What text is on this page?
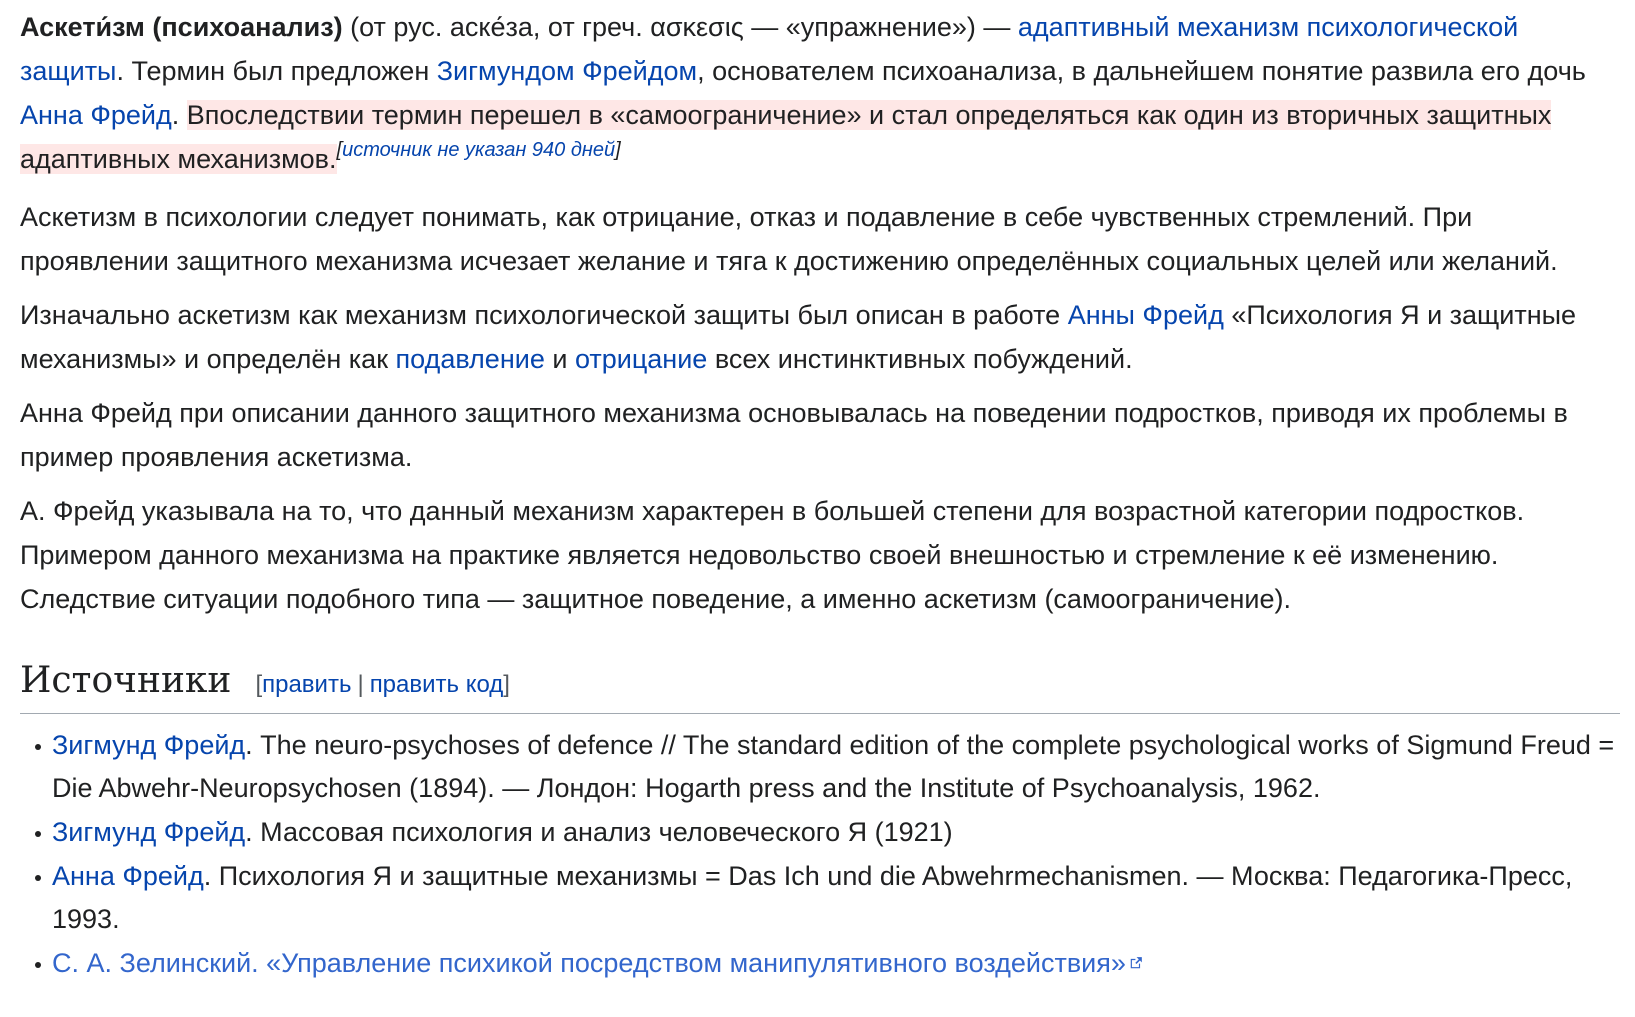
Аскети́зм (психоанализ) (от рус. аске́за, от греч. ασκεσις — «упражнение») — адаптивный механизм психологической защиты. Термин был предложен Зигмундом Фрейдом, основателем психоанализа, в дальнейшем понятие развила его дочь Анна Фрейд. Впоследствии термин перешел в «самоограничение» и стал определяться как один из вторичных защитных адаптивных механизмов.[источник не указан 940 дней]

Аскетизм в психологии следует понимать, как отрицание, отказ и подавление в себе чувственных стремлений. При проявлении защитного механизма исчезает желание и тяга к достижению определённых социальных целей или желаний.

Изначально аскетизм как механизм психологической защиты был описан в работе Анны Фрейд «Психология Я и защитные механизмы» и определён как подавление и отрицание всех инстинктивных побуждений.

Анна Фрейд при описании данного защитного механизма основывалась на поведении подростков, приводя их проблемы в пример проявления аскетизма.

А. Фрейд указывала на то, что данный механизм характерен в большей степени для возрастной категории подростков. Примером данного механизма на практике является недовольство своей внешностью и стремление к её изменению. Следствие ситуации подобного типа — защитное поведение, а именно аскетизм (самоограничение).

Источники [править | править код]
Зигмунд Фрейд. The neuro-psychoses of defence // The standard edition of the complete psychological works of Sigmund Freud = Die Abwehr-Neuropsychosen (1894). — Лондон: Hogarth press and the Institute of Psychoanalysis, 1962.
Зигмунд Фрейд. Массовая психология и анализ человеческого Я (1921)
Анна Фрейд. Психология Я и защитные механизмы = Das Ich und die Abwehrmechanismen. — Москва: Педагогика-Пресс, 1993.
С. А. Зелинский. «Управление психикой посредством манипулятивного воздействия»
